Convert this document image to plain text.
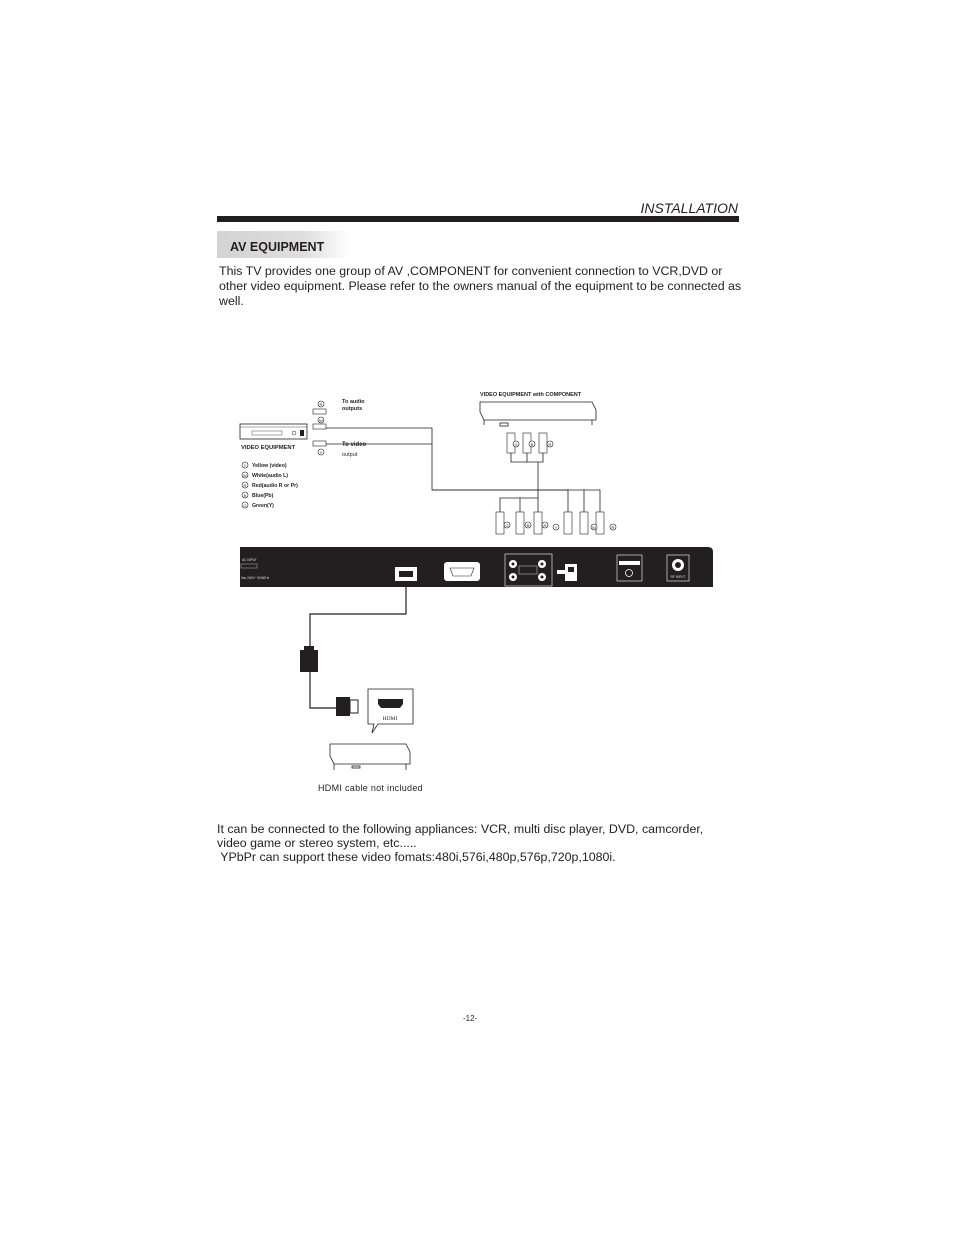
INSTALLATION
AV EQUIPMENT

This TV provides one group of AV ,COMPONENT for convenient connection to VCR,DVD or other video equipment. Please refer to the owners manual of the equipment to be connected as well.

VIDEO EQUIPMENT
R
W
Y
To audio
outputs
To video
output
Y Yellow (video)
W White(audio L)
R Red(audio R or Pr)
B Blue(Pb)
G Green(Y)
VIDEO EQUIPMENT with COMPONENT
G	B	R
G	B	R Y	W	R
AC INPUT
Vac 240V~ 50/60Hz	RF INPUT
HDMI
HDMI cable not included

It can be connected to the following appliances: VCR, multi disc player, DVD, camcorder,
video game or stereo system, etc.....
YPbPr can support these video fomats:480i,576i,480p,576p,720p,1080i.

-12-
